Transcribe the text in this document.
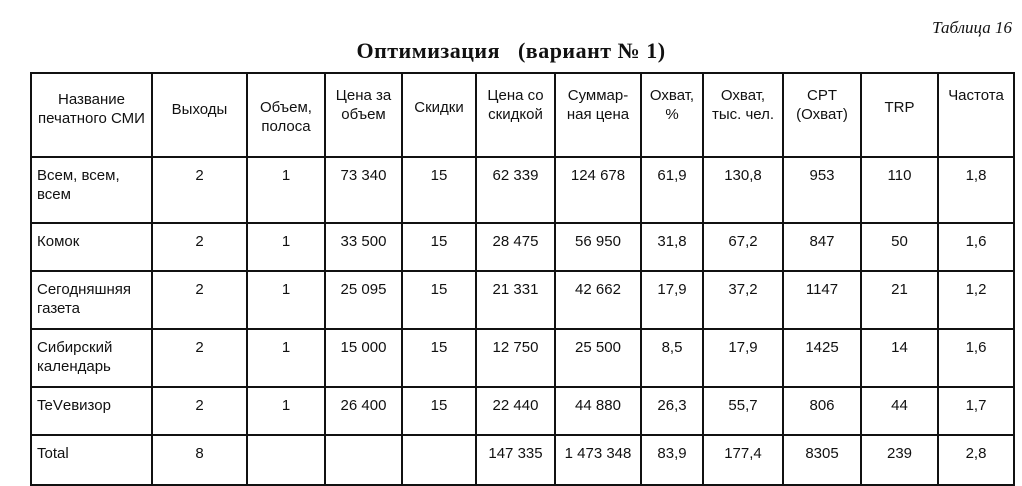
Таблица 16
Оптимизация (вариант № 1)
Название печатного СМИ	Выходы	Объем, полоса	Цена за объем	Скидки	Цена со скидкой	Суммар-ная цена	Охват, %	Охват, тыс. чел.	CPT (Охват)	TRP	Частота
Всем, всем, всем	2	1	73 340	15	62 339	124 678	61,9	130,8	953	110	1,8
Комок	2	1	33 500	15	28 475	56 950	31,8	67,2	847	50	1,6
Сегодняшняя газета	2	1	25 095	15	21 331	42 662	17,9	37,2	1147	21	1,2
Сибирский календарь	2	1	15 000	15	12 750	25 500	8,5	17,9	1425	14	1,6
TeVевизор	2	1	26 400	15	22 440	44 880	26,3	55,7	806	44	1,7
Total	8				147 335	1 473 348	83,9	177,4	8305	239	2,8
